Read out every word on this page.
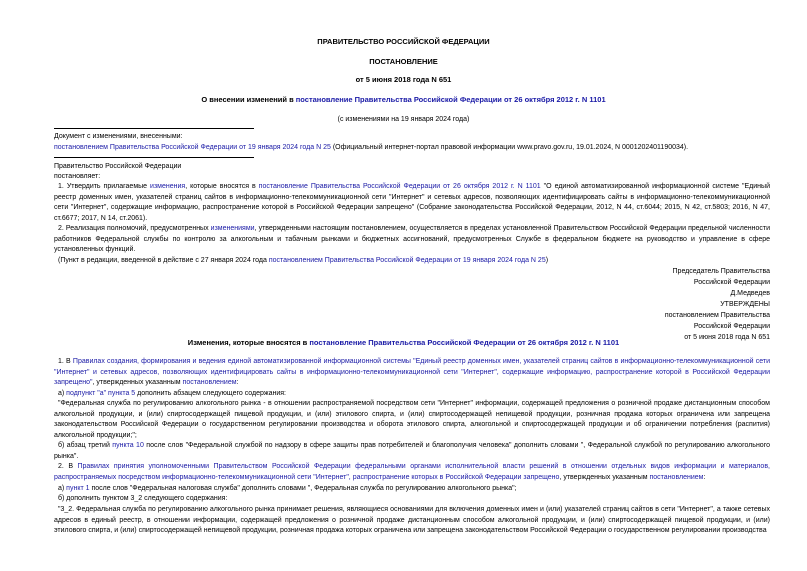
ПРАВИТЕЛЬСТВО РОССИЙСКОЙ ФЕДЕРАЦИИ
ПОСТАНОВЛЕНИЕ
от 5 июня 2018 года N 651
О внесении изменений в постановление Правительства Российской Федерации от 26 октября 2012 г. N 1101
(с изменениями на 19 января 2024 года)
Документ с изменениями, внесенными:
постановлением Правительства Российской Федерации от 19 января 2024 года N 25 (Официальный интернет-портал правовой информации www.pravo.gov.ru, 19.01.2024, N 0001202401190034).
Правительство Российской Федерации
постановляет:
1. Утвердить прилагаемые изменения, которые вносятся в постановление Правительства Российской Федерации от 26 октября 2012 г. N 1101 "О единой автоматизированной информационной системе "Единый реестр доменных имен, указателей страниц сайтов в информационно-телекоммуникационной сети "Интернет" и сетевых адресов, позволяющих идентифицировать сайты в информационно-телекоммуникационной сети "Интернет", содержащие информацию, распространение которой в Российской Федерации запрещено" (Собрание законодательства Российской Федерации, 2012, N 44, ст.6044; 2015, N 42, ст.5803; 2016, N 47, ст.6677; 2017, N 14, ст.2061).
2. Реализация полномочий, предусмотренных изменениями, утвержденными настоящим постановлением, осуществляется в пределах установленной Правительством Российской Федерации предельной численности работников Федеральной службы по контролю за алкогольным и табачным рынками и бюджетных ассигнований, предусмотренных Службе в федеральном бюджете на руководство и управление в сфере установленных функций.
(Пункт в редакции, введенной в действие с 27 января 2024 года постановлением Правительства Российской Федерации от 19 января 2024 года N 25)
Председатель Правительства
Российской Федерации
Д.Медведев
УТВЕРЖДЕНЫ
постановлением Правительства
Российской Федерации
от 5 июня 2018 года N 651
Изменения, которые вносятся в постановление Правительства Российской Федерации от 26 октября 2012 г. N 1101
1. В Правилах создания, формирования и ведения единой автоматизированной информационной системы "Единый реестр доменных имен, указателей страниц сайтов в информационно-телекоммуникационной сети "Интернет" и сетевых адресов, позволяющих идентифицировать сайты в информационно-телекоммуникационной сети "Интернет", содержащие информацию, распространение которой в Российской Федерации запрещено", утвержденных указанным постановлением:
а) подпункт "а" пункта 5 дополнить абзацем следующего содержания:
"Федеральная служба по регулированию алкогольного рынка - в отношении распространяемой посредством сети "Интернет" информации, содержащей предложения о розничной продаже дистанционным способом алкогольной продукции, и (или) спиртосодержащей пищевой продукции, и (или) этилового спирта, и (или) спиртосодержащей непищевой продукции, розничная продажа которых ограничена или запрещена законодательством Российской Федерации о государственном регулировании производства и оборота этилового спирта, алкогольной и спиртосодержащей продукции и об ограничении потребления (распития) алкогольной продукции;";
б) абзац третий пункта 10 после слов "Федеральной службой по надзору в сфере защиты прав потребителей и благополучия человека" дополнить словами ", Федеральной службой по регулированию алкогольного рынка".
2. В Правилах принятия уполномоченными Правительством Российской Федерации федеральными органами исполнительной власти решений в отношении отдельных видов информации и материалов, распространяемых посредством информационно-телекоммуникационной сети "Интернет", распространение которых в Российской Федерации запрещено, утвержденных указанным постановлением:
а) пункт 1 после слов "Федеральная налоговая служба" дополнить словами ", Федеральная служба по регулированию алкогольного рынка";
б) дополнить пунктом 3_2 следующего содержания:
"3_2. Федеральная служба по регулированию алкогольного рынка принимает решения, являющиеся основаниями для включения доменных имен и (или) указателей страниц сайтов в сети "Интернет", а также сетевых адресов в единый реестр, в отношении информации, содержащей предложения о розничной продаже дистанционным способом алкогольной продукции, и (или) спиртосодержащей пищевой продукции, и (или) этилового спирта, и (или) спиртосодержащей непищевой продукции, розничная продажа которых ограничена или запрещена законодательством Российской Федерации о государственном регулировании производства
